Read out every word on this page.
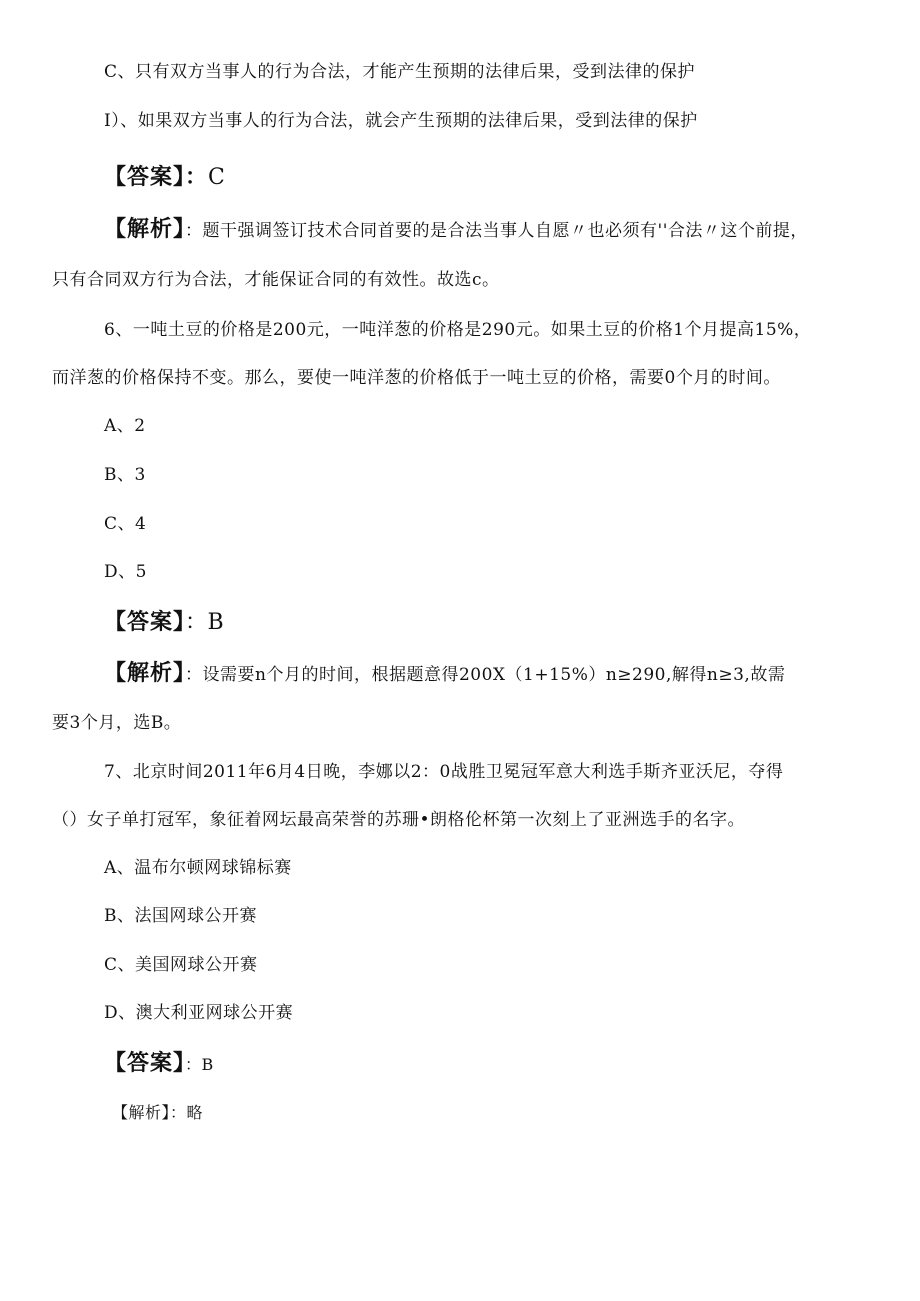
C、只有双方当事人的行为合法，才能产生预期的法律后果，受到法律的保护
I）、如果双方当事人的行为合法，就会产生预期的法律后果，受到法律的保护
【答案】：C
【解析】：题干强调签订技术合同首要的是合法当事人自愿〃也必须有''合法〃这个前提，
只有合同双方行为合法，才能保证合同的有效性。故选c。
6、一吨土豆的价格是200元，一吨洋葱的价格是290元。如果土豆的价格1个月提高15%，
而洋葱的价格保持不变。那么，要使一吨洋葱的价格低于一吨土豆的价格，需要0个月的时间。
A、2
B、3
C、4
D、5
【答案】：B
【解析】：设需要n个月的时间，根据题意得200X（1+15%）n≥290,解得n≥3,故需
要3个月，选B。
7、北京时间2011年6月4日晚，李娜以2：0战胜卫冕冠军意大利选手斯齐亚沃尼，夺得
（）女子单打冠军，象征着网坛最高荣誉的苏珊•朗格伦杯第一次刻上了亚洲选手的名字。
A、温布尔顿网球锦标赛
B、法国网球公开赛
C、美国网球公开赛
D、澳大利亚网球公开赛
【答案】：B
【解析】：略
